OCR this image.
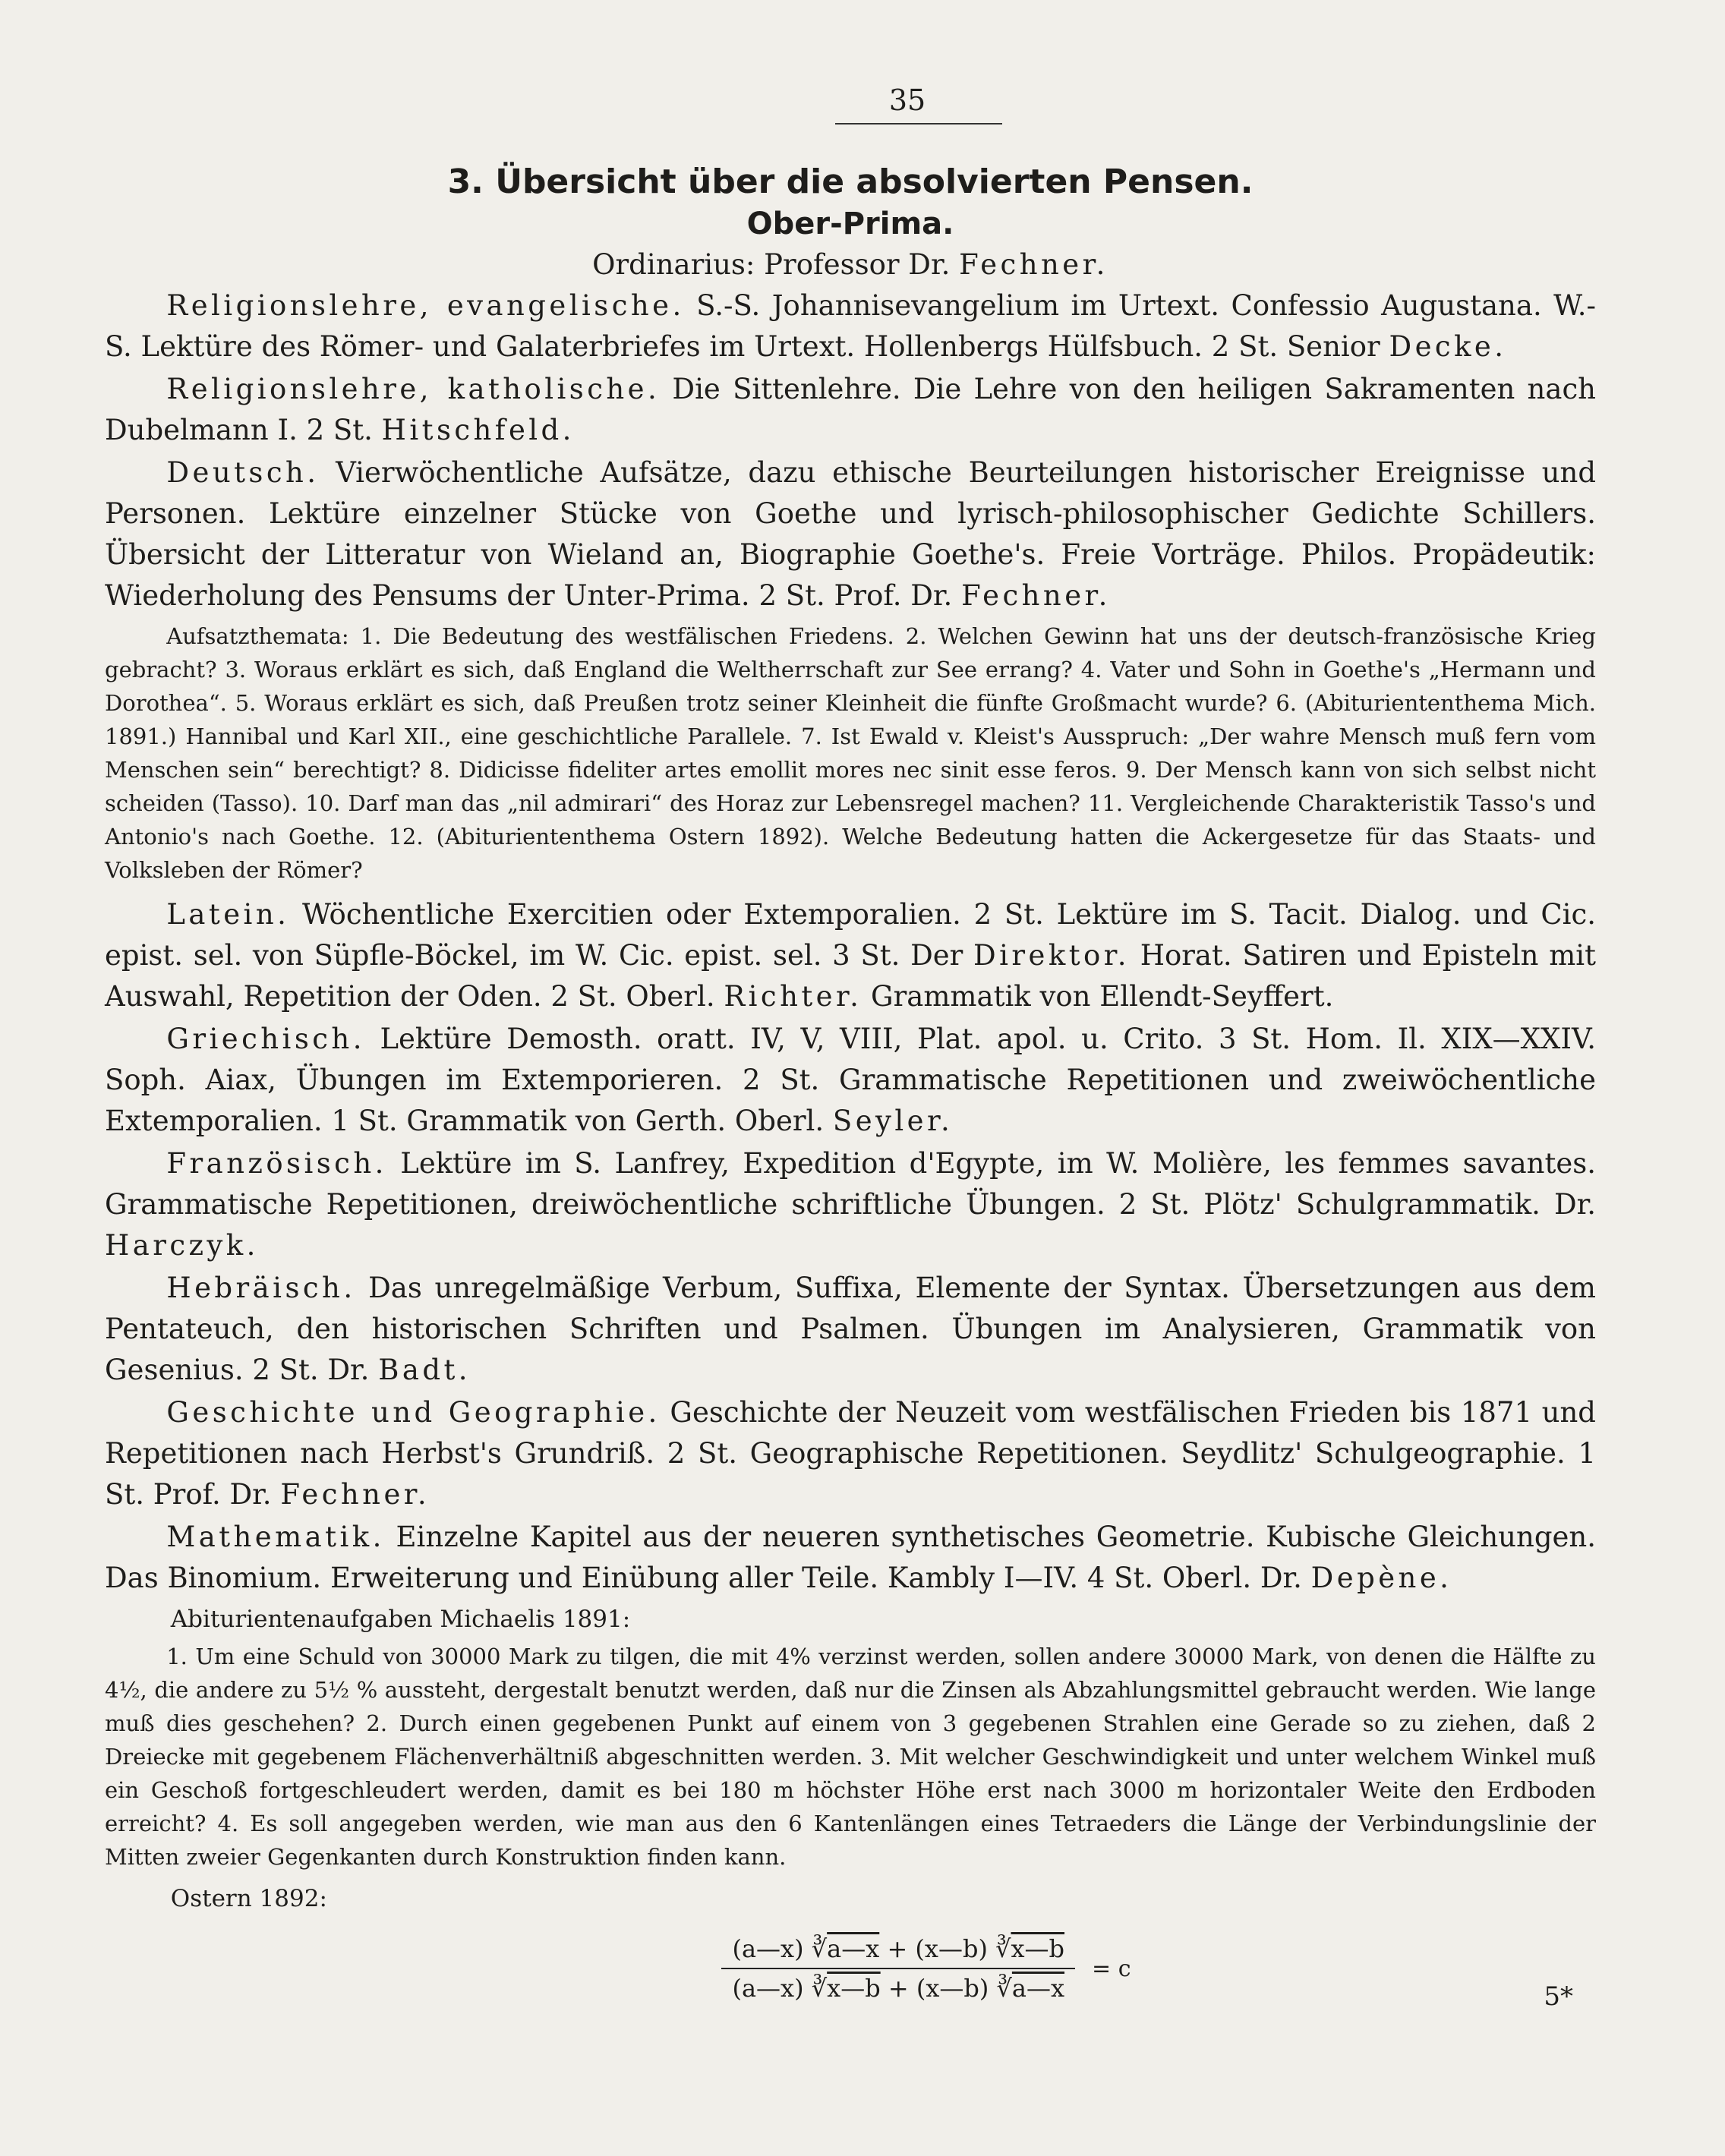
35
3. Übersicht über die absolvierten Pensen.
Ober-Prima.
Ordinarius: Professor Dr. Fechner.

Religionslehre, evangelische. S.-S. Johannisevangelium im Urtext. Confessio Augustana. W.-S. Lektüre des Römer- und Galaterbriefes im Urtext. Hollenbergs Hülfsbuch. 2 St. Senior Decke.

Religionslehre, katholische. Die Sittenlehre. Die Lehre von den heiligen Sakramenten nach Dubelmann I. 2 St. Hitschfeld.

Deutsch. Vierwöchentliche Aufsätze, dazu ethische Beurteilungen historischer Ereignisse und Personen. Lektüre einzelner Stücke von Goethe und lyrisch-philosophischer Gedichte Schillers. Übersicht der Litteratur von Wieland an, Biographie Goethe's. Freie Vorträge. Philos. Propädeutik: Wiederholung des Pensums der Unter-Prima. 2 St. Prof. Dr. Fechner.

Aufsatzthemata: 1. Die Bedeutung des westfälischen Friedens. 2. Welchen Gewinn hat uns der deutsch-französische Krieg gebracht? 3. Woraus erklärt es sich, daß England die Weltherrschaft zur See errang? 4. Vater und Sohn in Goethe's „Hermann und Dorothea“. 5. Woraus erklärt es sich, daß Preußen trotz seiner Kleinheit die fünfte Großmacht wurde? 6. (Abituriententhema Mich. 1891.) Hannibal und Karl XII., eine geschichtliche Parallele. 7. Ist Ewald v. Kleist's Ausspruch: „Der wahre Mensch muß fern vom Menschen sein“ berechtigt? 8. Didicisse fideliter artes emollit mores nec sinit esse feros. 9. Der Mensch kann von sich selbst nicht scheiden (Tasso). 10. Darf man das „nil admirari“ des Horaz zur Lebensregel machen? 11. Vergleichende Charakteristik Tasso's und Antonio's nach Goethe. 12. (Abituriententhema Ostern 1892). Welche Bedeutung hatten die Ackergesetze für das Staats- und Volksleben der Römer?

Latein. Wöchentliche Exercitien oder Extemporalien. 2 St. Lektüre im S. Tacit. Dialog. und Cic. epist. sel. von Süpfle-Böckel, im W. Cic. epist. sel. 3 St. Der Direktor. Horat. Satiren und Episteln mit Auswahl, Repetition der Oden. 2 St. Oberl. Richter. Grammatik von Ellendt-Seyffert.

Griechisch. Lektüre Demosth. oratt. IV, V, VIII, Plat. apol. u. Crito. 3 St. Hom. Il. XIX—XXIV. Soph. Aiax, Übungen im Extemporieren. 2 St. Grammatische Repetitionen und zweiwöchentliche Extemporalien. 1 St. Grammatik von Gerth. Oberl. Seyler.

Französisch. Lektüre im S. Lanfrey, Expedition d'Egypte, im W. Molière, les femmes savantes. Grammatische Repetitionen, dreiwöchentliche schriftliche Übungen. 2 St. Plötz' Schulgrammatik. Dr. Harczyk.

Hebräisch. Das unregelmäßige Verbum, Suffixa, Elemente der Syntax. Übersetzungen aus dem Pentateuch, den historischen Schriften und Psalmen. Übungen im Analysieren, Grammatik von Gesenius. 2 St. Dr. Badt.

Geschichte und Geographie. Geschichte der Neuzeit vom westfälischen Frieden bis 1871 und Repetitionen nach Herbst's Grundriß. 2 St. Geographische Repetitionen. Seydlitz' Schulgeographie. 1 St. Prof. Dr. Fechner.

Mathematik. Einzelne Kapitel aus der neueren synthetisches Geometrie. Kubische Gleichungen. Das Binomium. Erweiterung und Einübung aller Teile. Kambly I—IV. 4 St. Oberl. Dr. Depène.

Abiturientenaufgaben Michaelis 1891:

1. Um eine Schuld von 30000 Mark zu tilgen, die mit 4% verzinst werden, sollen andere 30000 Mark, von denen die Hälfte zu 4½, die andere zu 5½ % aussteht, dergestalt benutzt werden, daß nur die Zinsen als Abzahlungsmittel gebraucht werden. Wie lange muß dies geschehen? 2. Durch einen gegebenen Punkt auf einem von 3 gegebenen Strahlen eine Gerade so zu ziehen, daß 2 Dreiecke mit gegebenem Flächenverhältniß abgeschnitten werden. 3. Mit welcher Geschwindigkeit und unter welchem Winkel muß ein Geschoß fortgeschleudert werden, damit es bei 180 m höchster Höhe erst nach 3000 m horizontaler Weite den Erdboden erreicht? 4. Es soll angegeben werden, wie man aus den 6 Kantenlängen eines Tetraeders die Länge der Verbindungslinie der Mitten zweier Gegenkanten durch Konstruktion finden kann.

Ostern 1892:
$\frac{(a—x) ∛a—x + (x—b) ∛x—b}{(a—x) ∛x—b + (x—b) ∛a—x} = c$
5*
